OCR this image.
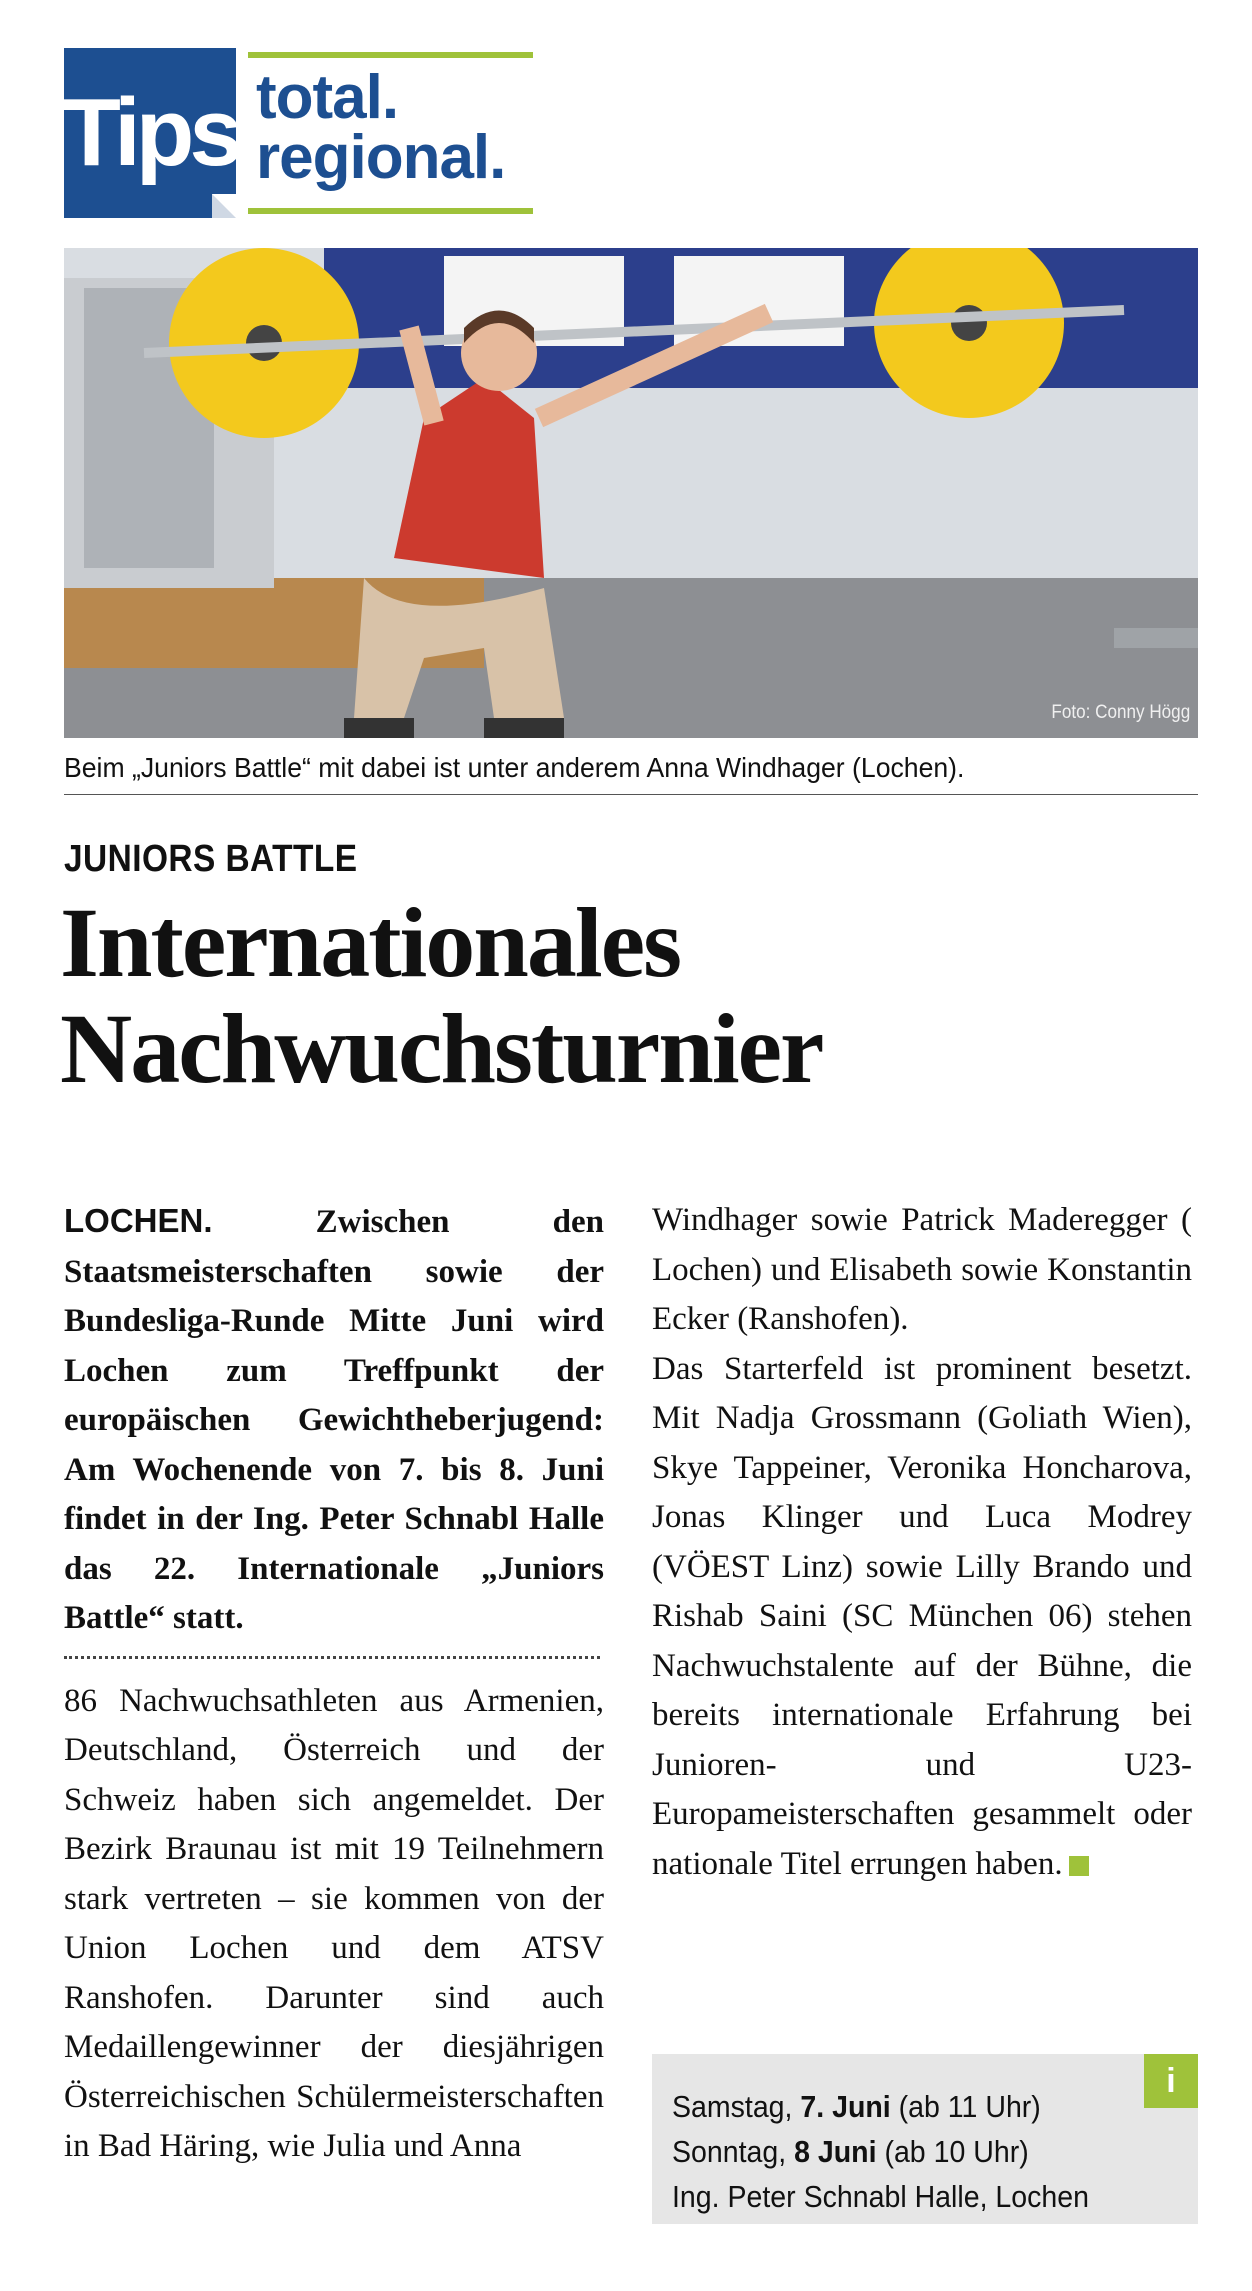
Tips total.
regional.
Foto: Conny Högg
Beim „Juniors Battle“ mit dabei ist unter anderem Anna Windhager (Lochen).
JUNIORS BATTLE
Internationales
Nachwuchsturnier

LOCHEN.	Zwischen den Staatsmeisterschaften sowie der Bundesliga-Runde Mitte Juni wird Lochen zum Treffpunkt der europäischen Gewichtheberjugend: Am Wochenende von 7. bis 8. Juni findet in der Ing. Peter Schnabl Halle das 22. Internationale „Juniors Battle“ statt.

86 Nachwuchsathleten aus Armenien, Deutschland, Österreich und der Schweiz haben sich angemeldet. Der Bezirk Braunau ist mit 19 Teilnehmern stark vertreten – sie kommen von der Union Lochen und dem ATSV Ranshofen. Darunter sind auch Medaillengewinner der diesjährigen Österreichischen Schülermeisterschaften in Bad Häring, wie Julia und Anna

Windhager sowie Patrick Maderegger ( Lochen) und Elisabeth sowie Konstantin Ecker (Ranshofen).

Das Starterfeld ist prominent besetzt. Mit Nadja Grossmann (Goliath Wien), Skye Tappeiner, Veronika Honcharova, Jonas Klinger und Luca Modrey (VÖEST Linz) sowie Lilly Brando und Rishab Saini (SC München 06) stehen Nachwuchstalente auf der Bühne, die bereits internationale Erfahrung bei Junioren- und U23-Europameisterschaften gesammelt oder nationale Titel errungen haben.

i
Samstag, 7. Juni (ab 11 Uhr)
Sonntag, 8 Juni (ab 10 Uhr)
Ing. Peter Schnabl Halle, Lochen
